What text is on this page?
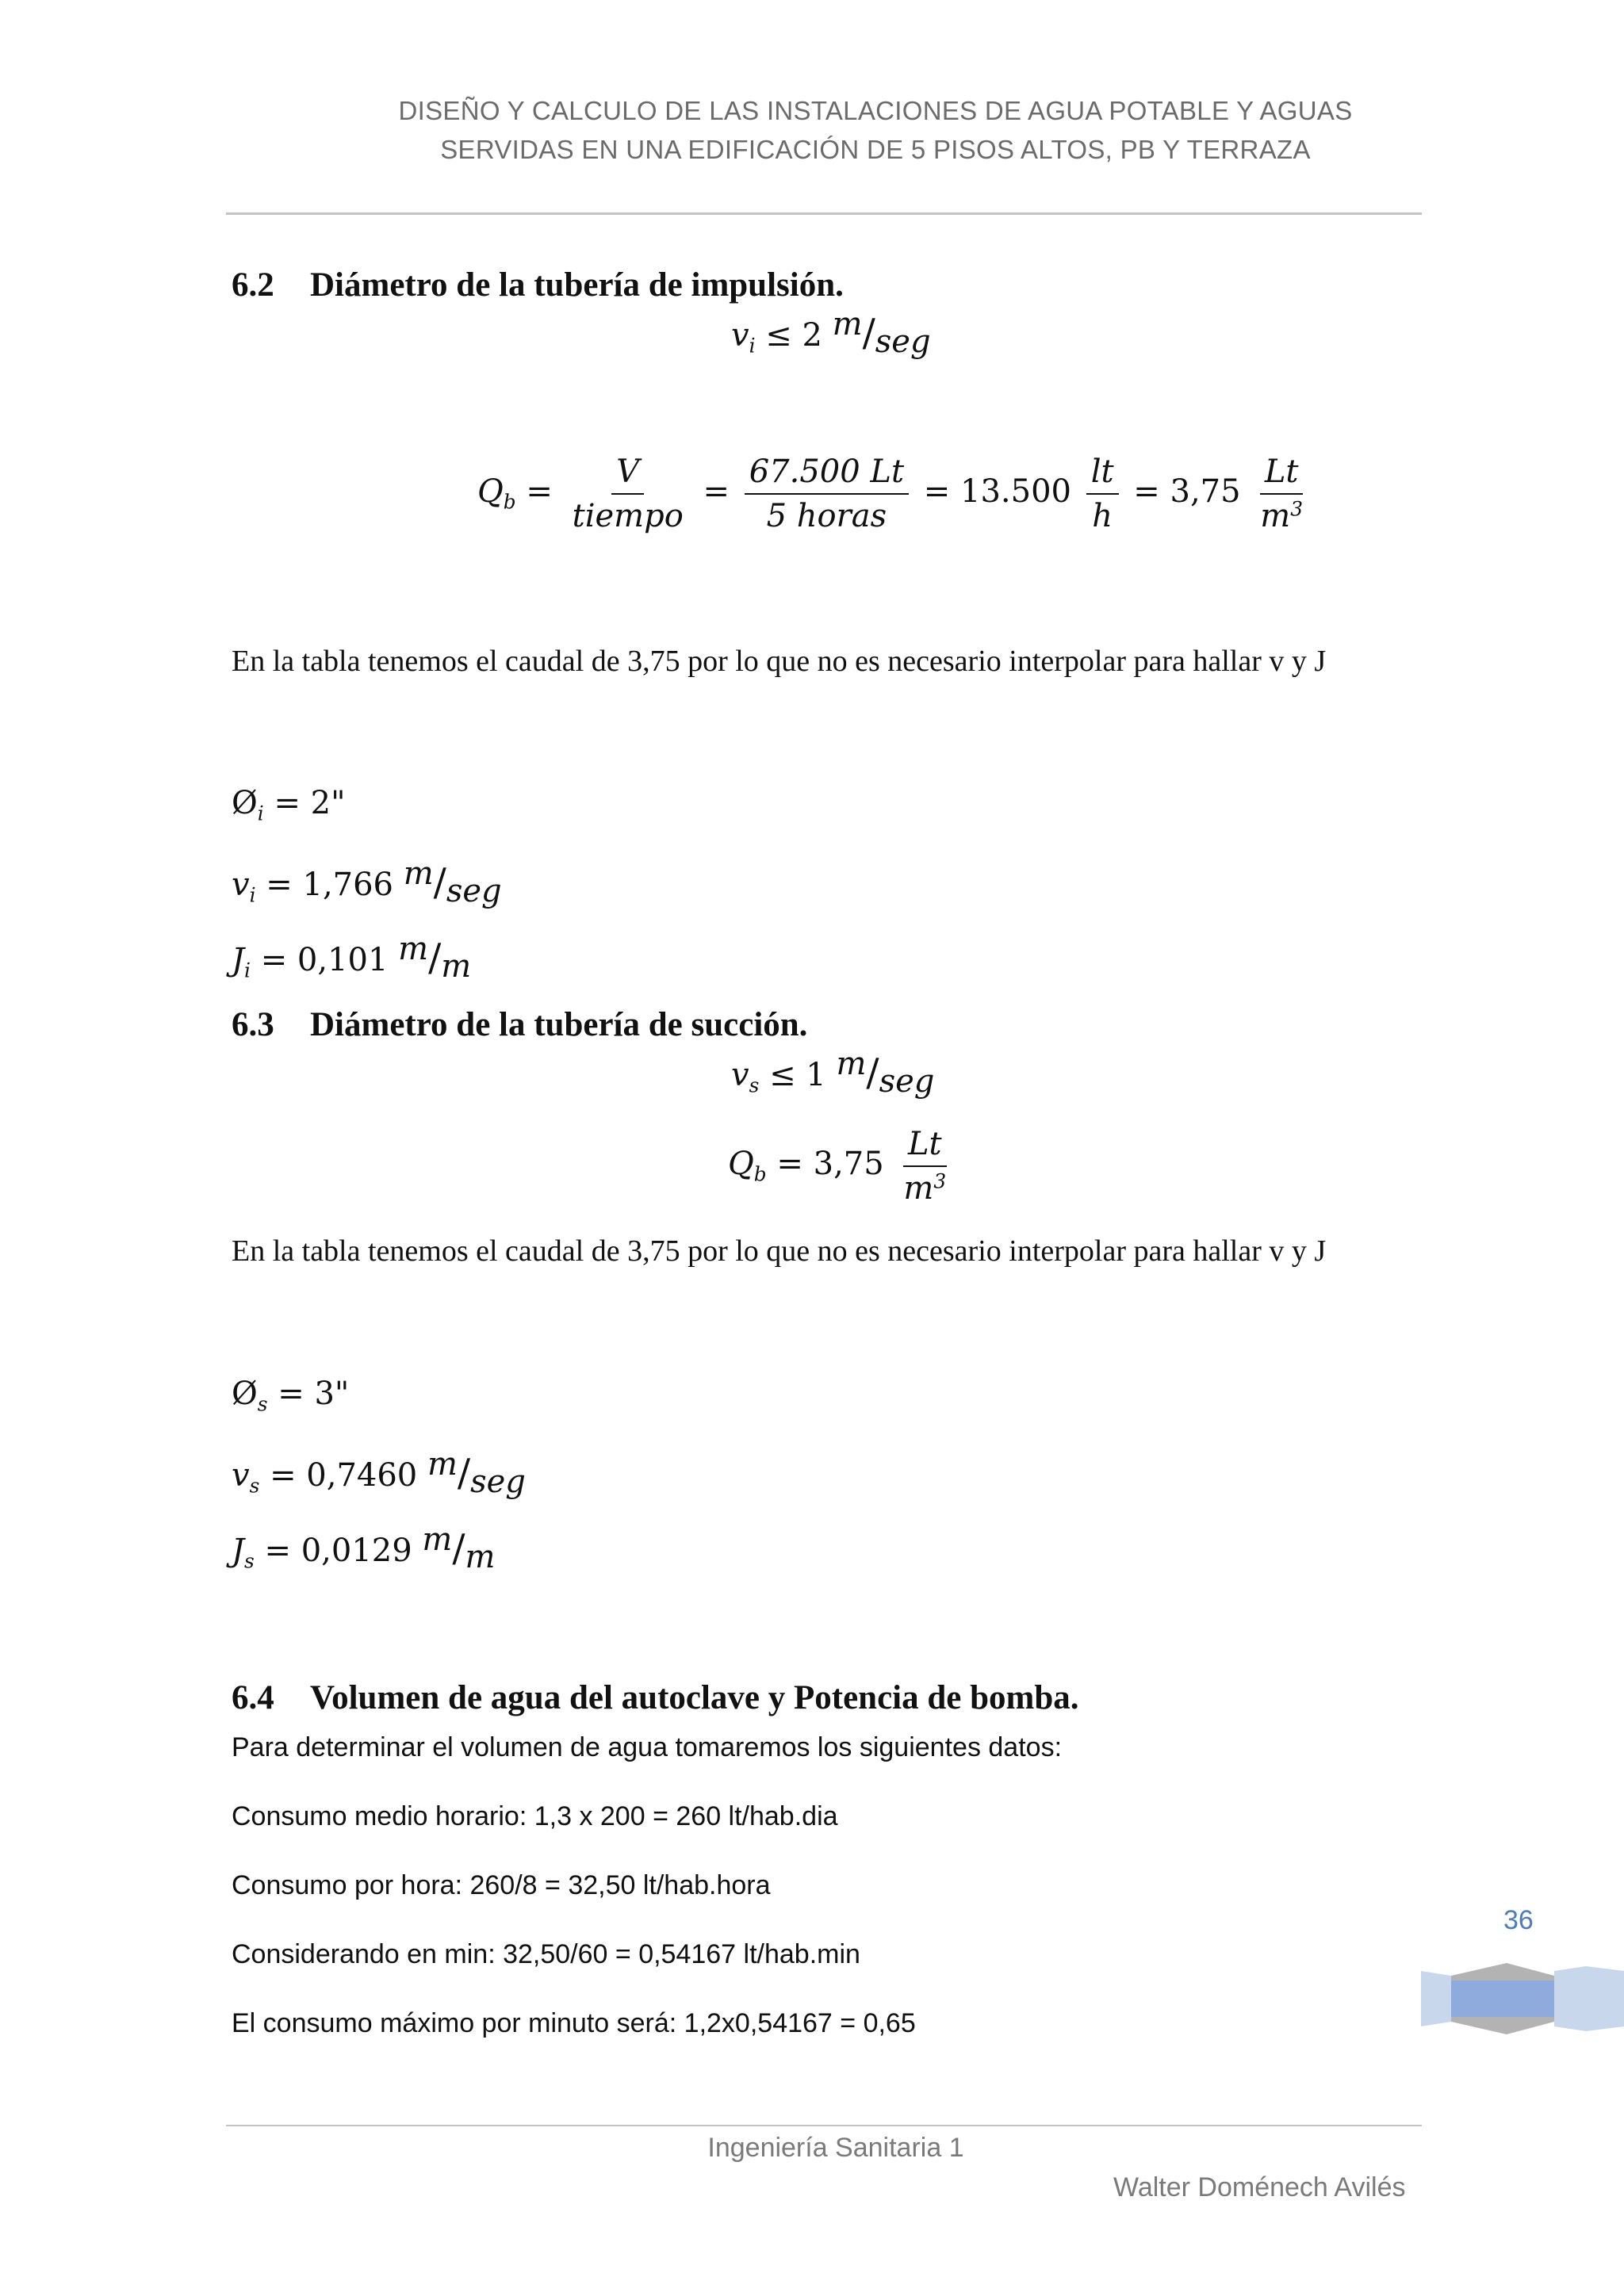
DISEÑO Y CALCULO DE LAS INSTALACIONES DE AGUA POTABLE Y AGUAS
SERVIDAS EN UNA EDIFICACIÓN DE 5 PISOS ALTOS, PB Y TERRAZA
6.2 Diámetro de la tubería de impulsión.
$v_i \le 2$ m/seg
$Q_b = \frac{V}{\text{tiempo}} = \frac{67.500 Lt}{\text{5 horas}} = 13.500 \frac{lt}{h} = 3,75 \frac{Lt}{m^3}$
En la tabla tenemos el caudal de 3,75 por lo que no es necesario interpolar para hallar v y J
$Ø_i = 2$"
$v_i = 1,766$ m/seg
$J_i = 0,101$ m/m
6.3 Diámetro de la tubería de succión.
$v_s \le 1$ m/seg
$Q_b = 3,75 \frac{Lt}{m^3}$
En la tabla tenemos el caudal de 3,75 por lo que no es necesario interpolar para hallar v y J
$Ø_s = 3$"
$v_s = 0,7460$ m/seg
$J_s = 0,0129$ m/m
6.4 Volumen de agua del autoclave y Potencia de bomba.
Para determinar el volumen de agua tomaremos los siguientes datos:
Consumo medio horario: 1,3 x 200 = 260 lt/hab.dia
Consumo por hora: 260/8 = 32,50 lt/hab.hora
Considerando en min: 32,50/60 = 0,54167 lt/hab.min
El consumo máximo por minuto será: 1,2x0,54167 = 0,65
36
Ingeniería Sanitaria 1
Walter Doménech Avilés
